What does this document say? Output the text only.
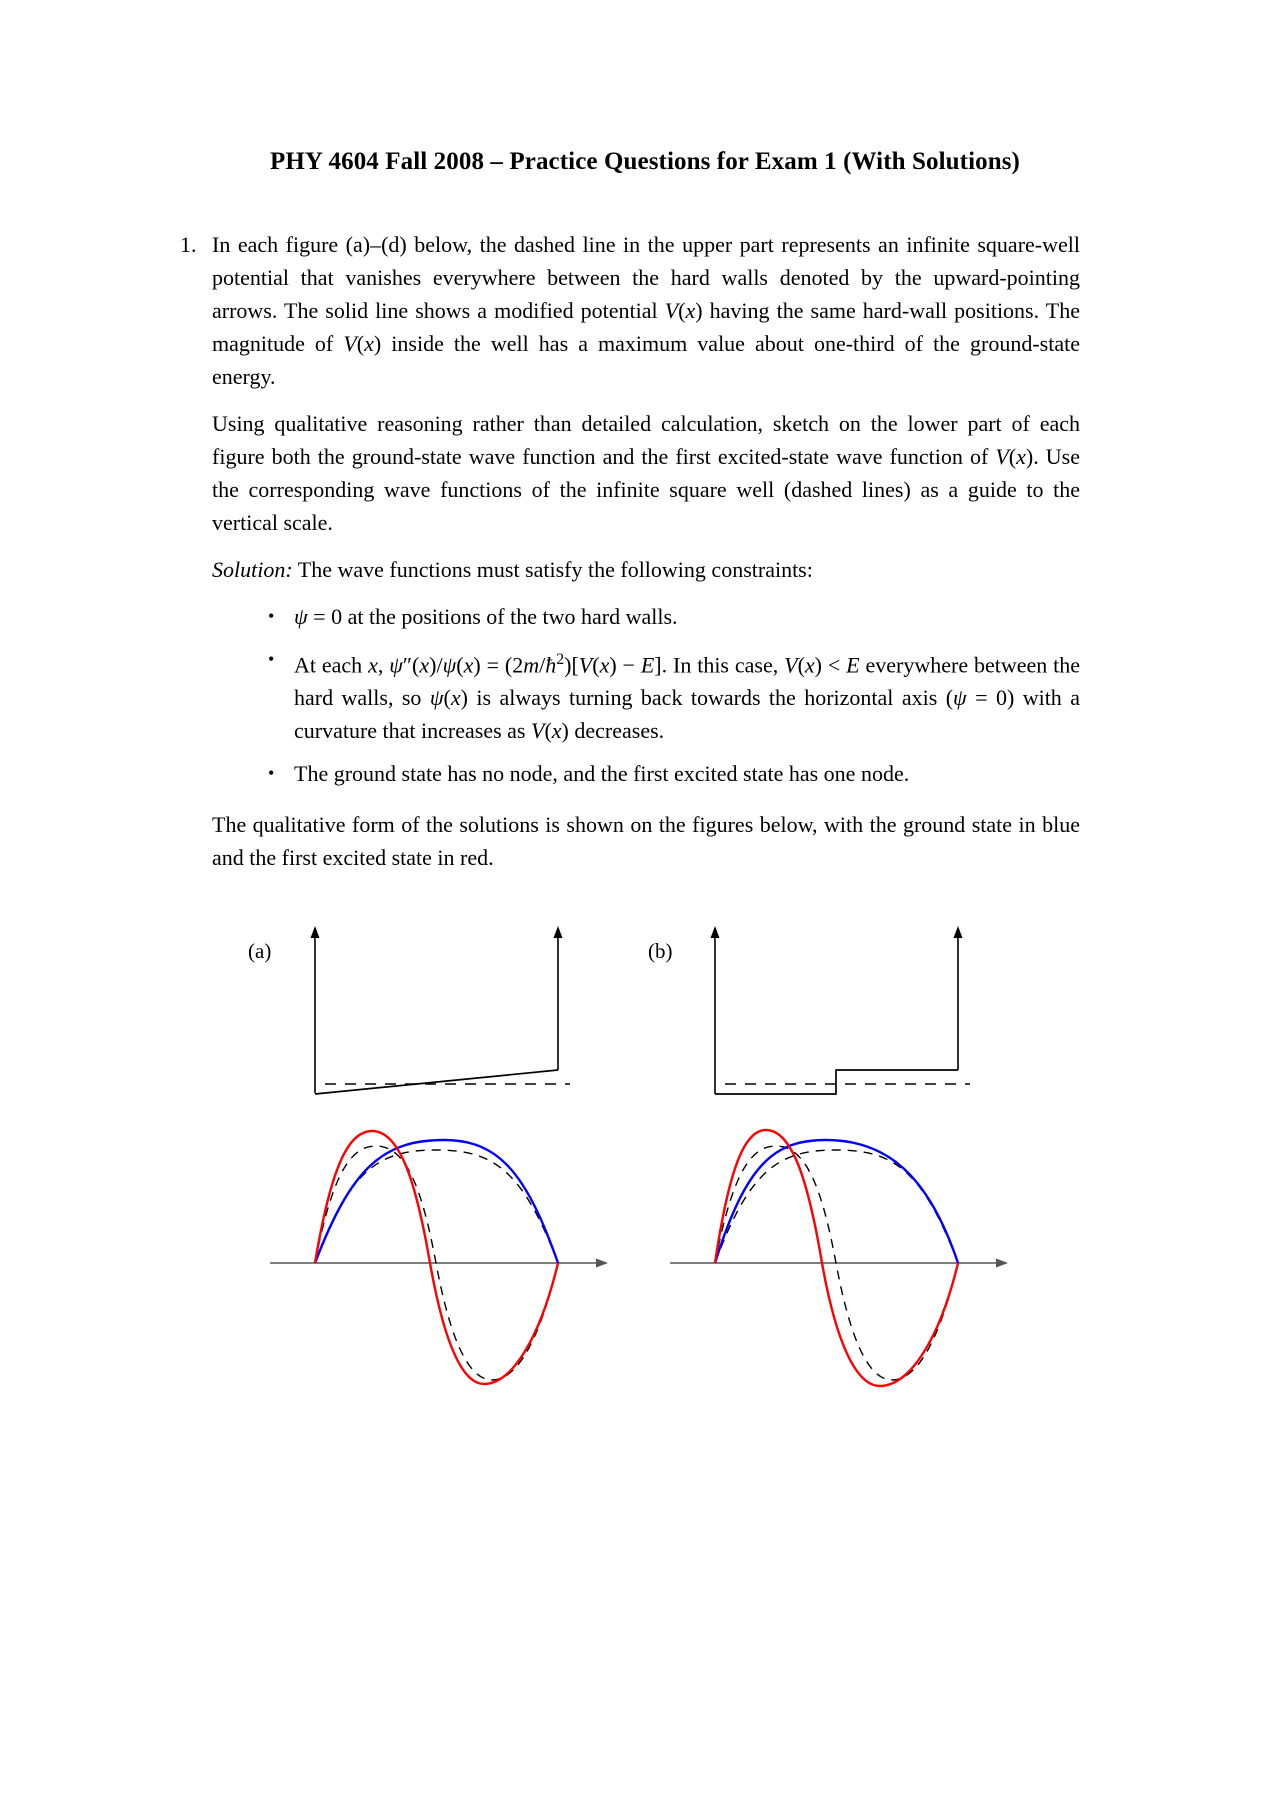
PHY 4604 Fall 2008 – Practice Questions for Exam 1 (With Solutions)
1. In each figure (a)–(d) below, the dashed line in the upper part represents an infinite square-well potential that vanishes everywhere between the hard walls denoted by the upward-pointing arrows. The solid line shows a modified potential V(x) having the same hard-wall positions. The magnitude of V(x) inside the well has a maximum value about one-third of the ground-state energy.

Using qualitative reasoning rather than detailed calculation, sketch on the lower part of each figure both the ground-state wave function and the first excited-state wave function of V(x). Use the corresponding wave functions of the infinite square well (dashed lines) as a guide to the vertical scale.

Solution: The wave functions must satisfy the following constraints:

• ψ = 0 at the positions of the two hard walls.
• At each x, $\psi''(x)/\psi(x) = (2m/ħ^2)[V(x) - E]$. In this case, V(x) < E everywhere between the hard walls, so ψ(x) is always turning back towards the horizontal axis (ψ = 0) with a curvature that increases as V(x) decreases.
• The ground state has no node, and the first excited state has one node.

The qualitative form of the solutions is shown on the figures below, with the ground state in blue and the first excited state in red.

(a)	(b)
